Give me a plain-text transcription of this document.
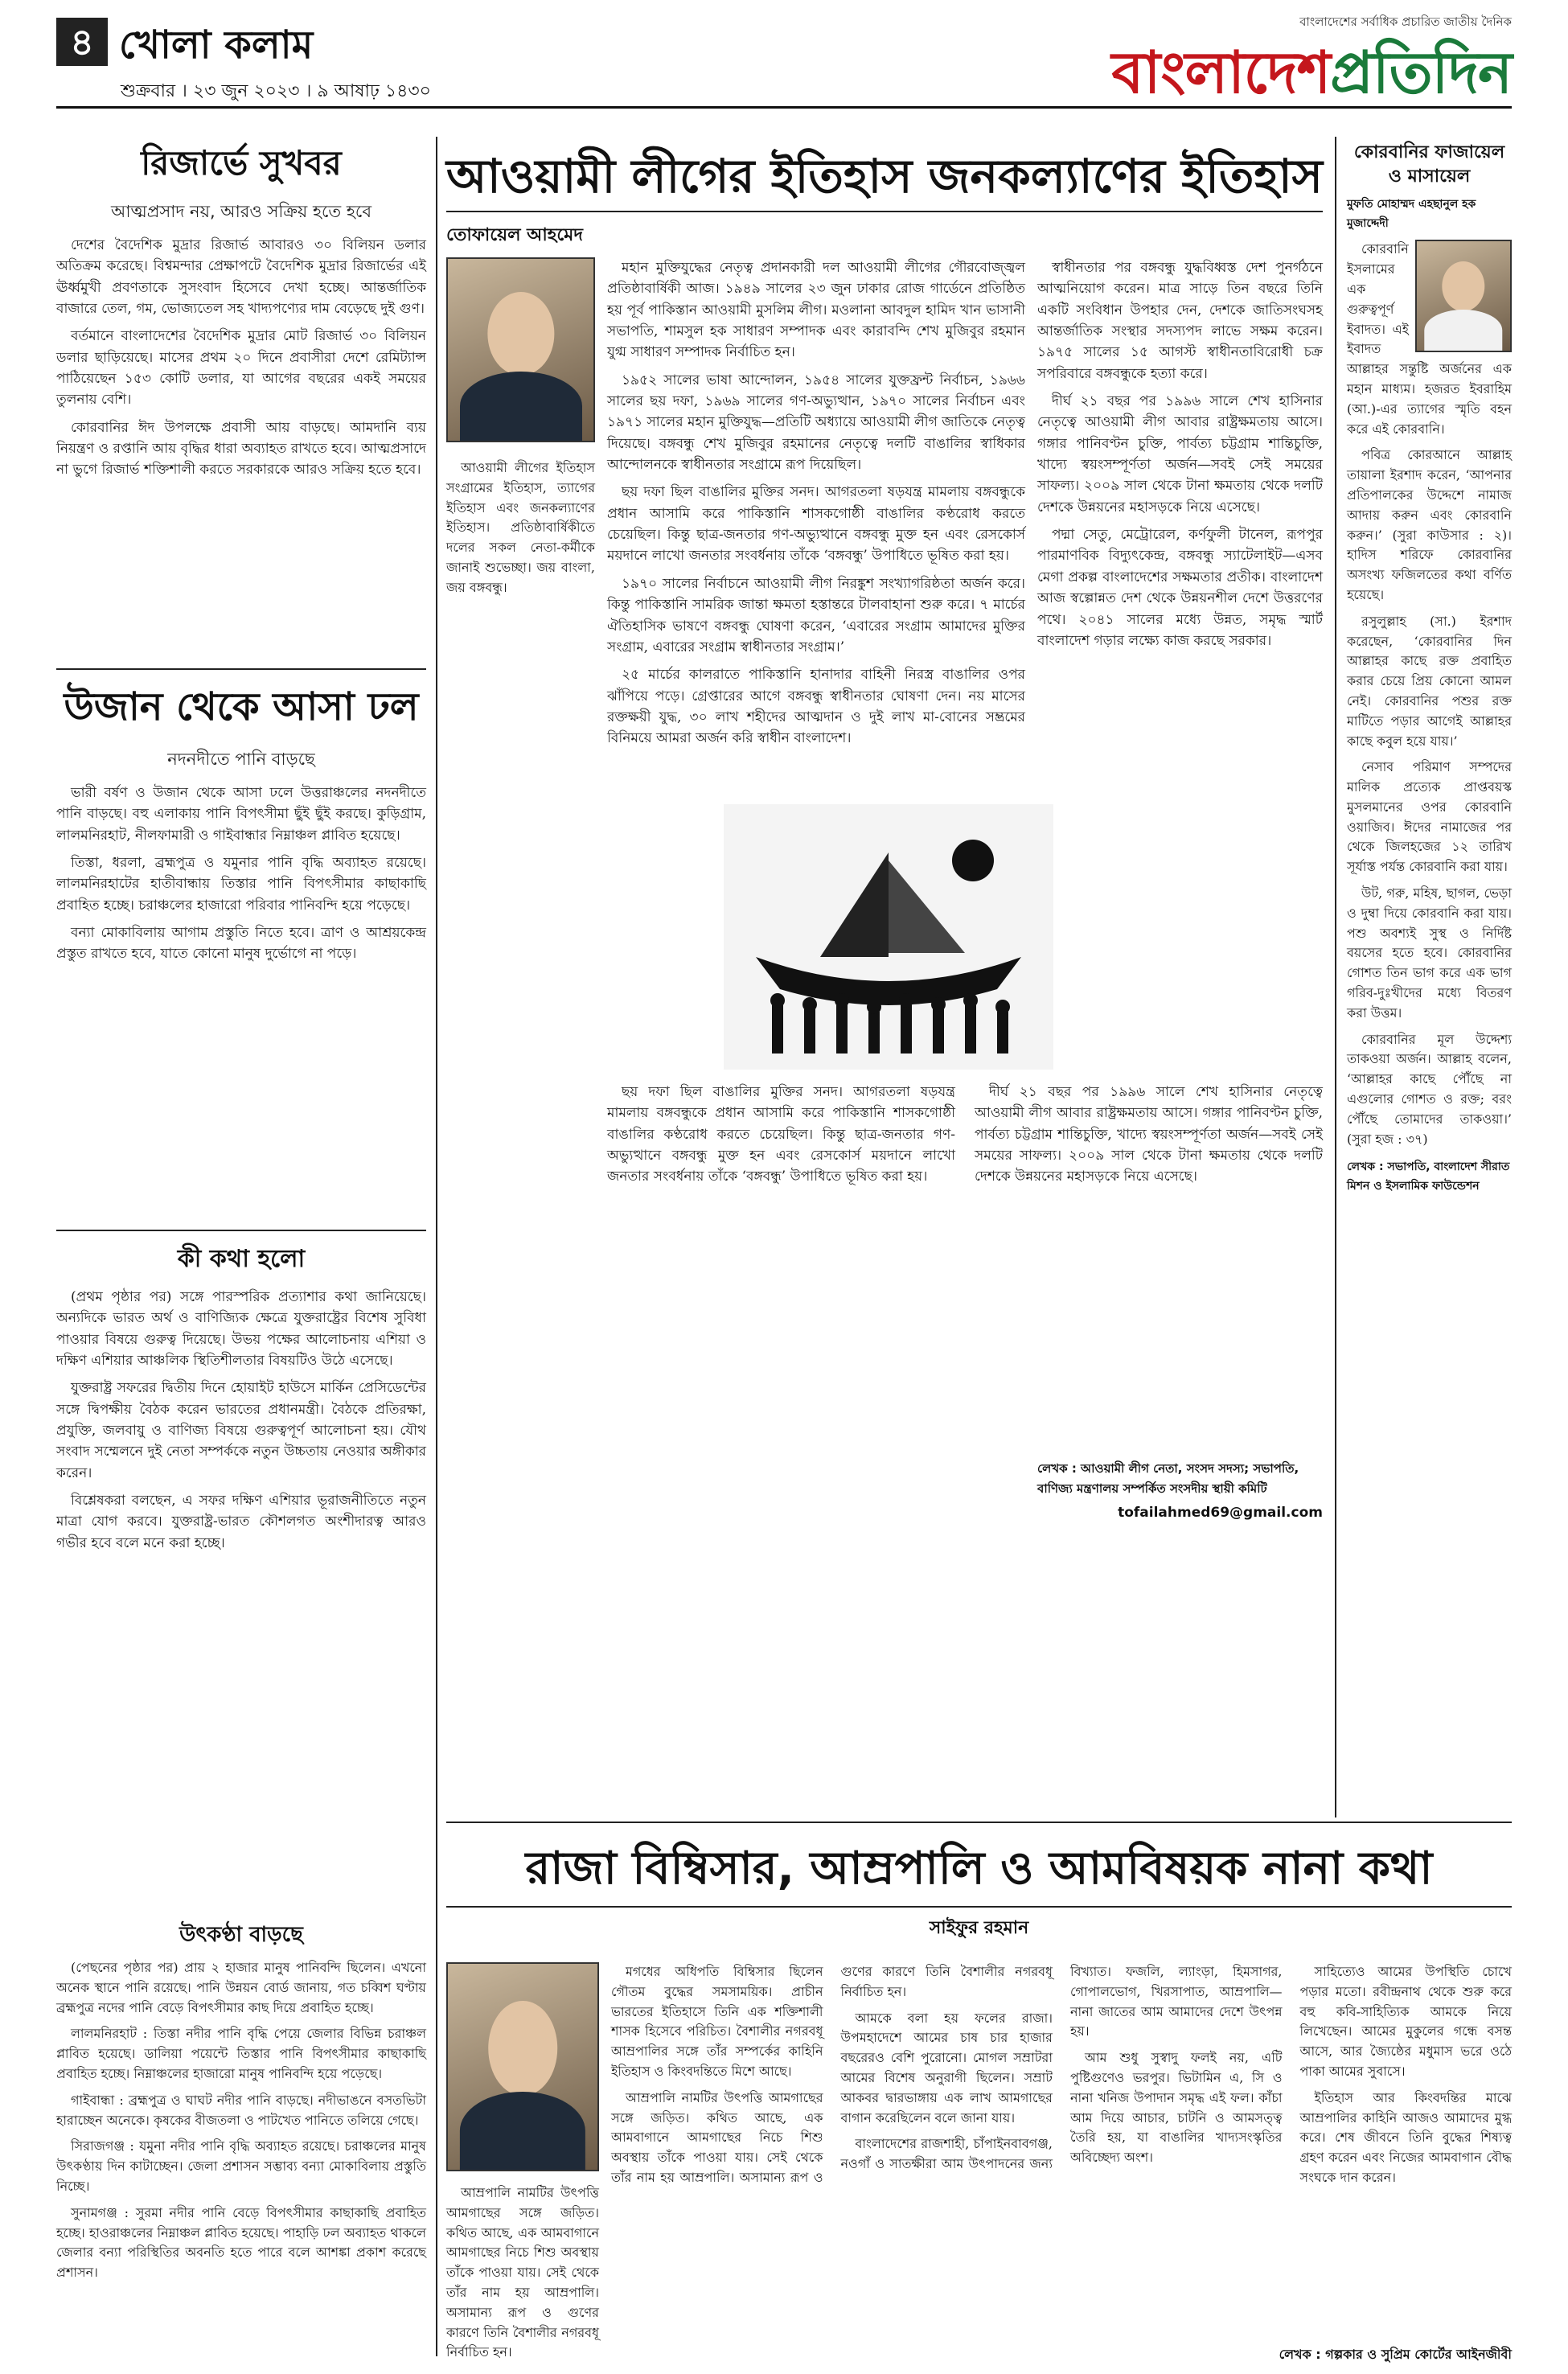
৪ খোলা কলাম
শুক্রবার । ২৩ জুন ২০২৩ । ৯ আষাঢ় ১৪৩০
বাংলাদেশের সর্বাধিক প্রচারিত জাতীয় দৈনিক
বাংলাদেশপ্রতিদিন
রিজার্ভে সুখবর
আত্মপ্রসাদ নয়, আরও সক্রিয় হতে হবে

দেশের বৈদেশিক মুদ্রার রিজার্ভ আবারও ৩০ বিলিয়ন ডলার অতিক্রম করেছে। বিশ্বমন্দার প্রেক্ষাপটে বৈদেশিক মুদ্রার রিজার্ভের এই ঊর্ধ্বমুখী প্রবণতাকে সুসংবাদ হিসেবে দেখা হচ্ছে। আন্তর্জাতিক বাজারে তেল, গম, ভোজ্যতেল সহ খাদ্যপণ্যের দাম বেড়েছে দুই গুণ।

বর্তমানে বাংলাদেশের বৈদেশিক মুদ্রার মোট রিজার্ভ ৩০ বিলিয়ন ডলার ছাড়িয়েছে। মাসের প্রথম ২০ দিনে প্রবাসীরা দেশে রেমিট্যান্স পাঠিয়েছেন ১৫৩ কোটি ডলার, যা আগের বছরের একই সময়ের তুলনায় বেশি।

কোরবানির ঈদ উপলক্ষে প্রবাসী আয় বাড়ছে। আমদানি ব্যয় নিয়ন্ত্রণ ও রপ্তানি আয় বৃদ্ধির ধারা অব্যাহত রাখতে হবে। আত্মপ্রসাদে না ভুগে রিজার্ভ শক্তিশালী করতে সরকারকে আরও সক্রিয় হতে হবে।

উজান থেকে আসা ঢল
নদনদীতে পানি বাড়ছে

ভারী বর্ষণ ও উজান থেকে আসা ঢলে উত্তরাঞ্চলের নদনদীতে পানি বাড়ছে। বহু এলাকায় পানি বিপৎসীমা ছুঁই ছুঁই করছে। কুড়িগ্রাম, লালমনিরহাট, নীলফামারী ও গাইবান্ধার নিম্নাঞ্চল প্লাবিত হয়েছে।

তিস্তা, ধরলা, ব্রহ্মপুত্র ও যমুনার পানি বৃদ্ধি অব্যাহত রয়েছে। লালমনিরহাটের হাতীবান্ধায় তিস্তার পানি বিপৎসীমার কাছাকাছি প্রবাহিত হচ্ছে। চরাঞ্চলের হাজারো পরিবার পানিবন্দি হয়ে পড়েছে।

বন্যা মোকাবিলায় আগাম প্রস্তুতি নিতে হবে। ত্রাণ ও আশ্রয়কেন্দ্র প্রস্তুত রাখতে হবে, যাতে কোনো মানুষ দুর্ভোগে না পড়ে।

কী কথা হলো

(প্রথম পৃষ্ঠার পর) সঙ্গে পারস্পরিক প্রত্যাশার কথা জানিয়েছে। অন্যদিকে ভারত অর্থ ও বাণিজ্যিক ক্ষেত্রে যুক্তরাষ্ট্রের বিশেষ সুবিধা পাওয়ার বিষয়ে গুরুত্ব দিয়েছে। উভয় পক্ষের আলোচনায় এশিয়া ও দক্ষিণ এশিয়ার আঞ্চলিক স্থিতিশীলতার বিষয়টিও উঠে এসেছে।

যুক্তরাষ্ট্র সফরের দ্বিতীয় দিনে হোয়াইট হাউসে মার্কিন প্রেসিডেন্টের সঙ্গে দ্বিপক্ষীয় বৈঠক করেন ভারতের প্রধানমন্ত্রী। বৈঠকে প্রতিরক্ষা, প্রযুক্তি, জলবায়ু ও বাণিজ্য বিষয়ে গুরুত্বপূর্ণ আলোচনা হয়। যৌথ সংবাদ সম্মেলনে দুই নেতা সম্পর্ককে নতুন উচ্চতায় নেওয়ার অঙ্গীকার করেন।

বিশ্লেষকরা বলছেন, এ সফর দক্ষিণ এশিয়ার ভূরাজনীতিতে নতুন মাত্রা যোগ করবে। যুক্তরাষ্ট্র-ভারত কৌশলগত অংশীদারত্ব আরও গভীর হবে বলে মনে করা হচ্ছে।

উৎকণ্ঠা বাড়ছে

(পেছনের পৃষ্ঠার পর) প্রায় ২ হাজার মানুষ পানিবন্দি ছিলেন। এখনো অনেক স্থানে পানি রয়েছে। পানি উন্নয়ন বোর্ড জানায়, গত চব্বিশ ঘণ্টায় ব্রহ্মপুত্র নদের পানি বেড়ে বিপৎসীমার কাছ দিয়ে প্রবাহিত হচ্ছে।

লালমনিরহাট : তিস্তা নদীর পানি বৃদ্ধি পেয়ে জেলার বিভিন্ন চরাঞ্চল প্লাবিত হয়েছে। ডালিয়া পয়েন্টে তিস্তার পানি বিপৎসীমার কাছাকাছি প্রবাহিত হচ্ছে। নিম্নাঞ্চলের হাজারো মানুষ পানিবন্দি হয়ে পড়েছে।

গাইবান্ধা : ব্রহ্মপুত্র ও ঘাঘট নদীর পানি বাড়ছে। নদীভাঙনে বসতভিটা হারাচ্ছেন অনেকে। কৃষকের বীজতলা ও পাটখেত পানিতে তলিয়ে গেছে।

সিরাজগঞ্জ : যমুনা নদীর পানি বৃদ্ধি অব্যাহত রয়েছে। চরাঞ্চলের মানুষ উৎকণ্ঠায় দিন কাটাচ্ছেন। জেলা প্রশাসন সম্ভাব্য বন্যা মোকাবিলায় প্রস্তুতি নিচ্ছে।

সুনামগঞ্জ : সুরমা নদীর পানি বেড়ে বিপৎসীমার কাছাকাছি প্রবাহিত হচ্ছে। হাওরাঞ্চলের নিম্নাঞ্চল প্লাবিত হয়েছে। পাহাড়ি ঢল অব্যাহত থাকলে জেলার বন্যা পরিস্থিতির অবনতি হতে পারে বলে আশঙ্কা প্রকাশ করেছে প্রশাসন।

আওয়ামী লীগের ইতিহাস জনকল্যাণের ইতিহাস
তোফায়েল আহমেদ

মহান মুক্তিযুদ্ধের নেতৃত্ব প্রদানকারী দল আওয়ামী লীগের গৌরবোজ্জ্বল প্রতিষ্ঠাবার্ষিকী আজ। ১৯৪৯ সালের ২৩ জুন ঢাকার রোজ গার্ডেনে প্রতিষ্ঠিত হয় পূর্ব পাকিস্তান আওয়ামী মুসলিম লীগ। মওলানা আবদুল হামিদ খান ভাসানী সভাপতি, শামসুল হক সাধারণ সম্পাদক এবং কারাবন্দি শেখ মুজিবুর রহমান যুগ্ম সাধারণ সম্পাদক নির্বাচিত হন।

১৯৫২ সালের ভাষা আন্দোলন, ১৯৫৪ সালের যুক্তফ্রন্ট নির্বাচন, ১৯৬৬ সালের ছয় দফা, ১৯৬৯ সালের গণ-অভ্যুত্থান, ১৯৭০ সালের নির্বাচন এবং ১৯৭১ সালের মহান মুক্তিযুদ্ধ—প্রতিটি অধ্যায়ে আওয়ামী লীগ জাতিকে নেতৃত্ব দিয়েছে। বঙ্গবন্ধু শেখ মুজিবুর রহমানের নেতৃত্বে দলটি বাঙালির স্বাধিকার আন্দোলনকে স্বাধীনতার সংগ্রামে রূপ দিয়েছিল।

ছয় দফা ছিল বাঙালির মুক্তির সনদ। আগরতলা ষড়যন্ত্র মামলায় বঙ্গবন্ধুকে প্রধান আসামি করে পাকিস্তানি শাসকগোষ্ঠী বাঙালির কণ্ঠরোধ করতে চেয়েছিল। কিন্তু ছাত্র-জনতার গণ-অভ্যুত্থানে বঙ্গবন্ধু মুক্ত হন এবং রেসকোর্স ময়দানে লাখো জনতার সংবর্ধনায় তাঁকে ‘বঙ্গবন্ধু’ উপাধিতে ভূষিত করা হয়।

১৯৭০ সালের নির্বাচনে আওয়ামী লীগ নিরঙ্কুশ সংখ্যাগরিষ্ঠতা অর্জন করে। কিন্তু পাকিস্তানি সামরিক জান্তা ক্ষমতা হস্তান্তরে টালবাহানা শুরু করে। ৭ মার্চের ঐতিহাসিক ভাষণে বঙ্গবন্ধু ঘোষণা করেন, ‘এবারের সংগ্রাম আমাদের মুক্তির সংগ্রাম, এবারের সংগ্রাম স্বাধীনতার সংগ্রাম।’

২৫ মার্চের কালরাতে পাকিস্তানি হানাদার বাহিনী নিরস্ত্র বাঙালির ওপর ঝাঁপিয়ে পড়ে। গ্রেপ্তারের আগে বঙ্গবন্ধু স্বাধীনতার ঘোষণা দেন। নয় মাসের রক্তক্ষয়ী যুদ্ধ, ৩০ লাখ শহীদের আত্মদান ও দুই লাখ মা-বোনের সম্ভ্রমের বিনিময়ে আমরা অর্জন করি স্বাধীন বাংলাদেশ।

আওয়ামী লীগের ইতিহাস সংগ্রামের ইতিহাস, ত্যাগের ইতিহাস এবং জনকল্যাণের ইতিহাস। প্রতিষ্ঠাবার্ষিকীতে দলের সকল নেতা-কর্মীকে জানাই শুভেচ্ছা। জয় বাংলা, জয় বঙ্গবন্ধু।

স্বাধীনতার পর বঙ্গবন্ধু যুদ্ধবিধ্বস্ত দেশ পুনর্গঠনে আত্মনিয়োগ করেন। মাত্র সাড়ে তিন বছরে তিনি একটি সংবিধান উপহার দেন, দেশকে জাতিসংঘসহ আন্তর্জাতিক সংস্থার সদস্যপদ লাভে সক্ষম করেন। ১৯৭৫ সালের ১৫ আগস্ট স্বাধীনতাবিরোধী চক্র সপরিবারে বঙ্গবন্ধুকে হত্যা করে।

দীর্ঘ ২১ বছর পর ১৯৯৬ সালে শেখ হাসিনার নেতৃত্বে আওয়ামী লীগ আবার রাষ্ট্রক্ষমতায় আসে। গঙ্গার পানিবণ্টন চুক্তি, পার্বত্য চট্টগ্রাম শান্তিচুক্তি, খাদ্যে স্বয়ংসম্পূর্ণতা অর্জন—সবই সেই সময়ের সাফল্য। ২০০৯ সাল থেকে টানা ক্ষমতায় থেকে দলটি দেশকে উন্নয়নের মহাসড়কে নিয়ে এসেছে।

পদ্মা সেতু, মেট্রোরেল, কর্ণফুলী টানেল, রূপপুর পারমাণবিক বিদ্যুৎকেন্দ্র, বঙ্গবন্ধু স্যাটেলাইট—এসব মেগা প্রকল্প বাংলাদেশের সক্ষমতার প্রতীক। বাংলাদেশ আজ স্বল্পোন্নত দেশ থেকে উন্নয়নশীল দেশে উত্তরণের পথে। ২০৪১ সালের মধ্যে উন্নত, সমৃদ্ধ স্মার্ট বাংলাদেশ গড়ার লক্ষ্যে কাজ করছে সরকার।

ছয় দফা ছিল বাঙালির মুক্তির সনদ। আগরতলা ষড়যন্ত্র মামলায় বঙ্গবন্ধুকে প্রধান আসামি করে পাকিস্তানি শাসকগোষ্ঠী বাঙালির কণ্ঠরোধ করতে চেয়েছিল। কিন্তু ছাত্র-জনতার গণ-অভ্যুত্থানে বঙ্গবন্ধু মুক্ত হন এবং রেসকোর্স ময়দানে লাখো জনতার সংবর্ধনায় তাঁকে ‘বঙ্গবন্ধু’ উপাধিতে ভূষিত করা হয়।

দীর্ঘ ২১ বছর পর ১৯৯৬ সালে শেখ হাসিনার নেতৃত্বে আওয়ামী লীগ আবার রাষ্ট্রক্ষমতায় আসে। গঙ্গার পানিবণ্টন চুক্তি, পার্বত্য চট্টগ্রাম শান্তিচুক্তি, খাদ্যে স্বয়ংসম্পূর্ণতা অর্জন—সবই সেই সময়ের সাফল্য। ২০০৯ সাল থেকে টানা ক্ষমতায় থেকে দলটি দেশকে উন্নয়নের মহাসড়কে নিয়ে এসেছে।

লেখক : আওয়ামী লীগ নেতা, সংসদ সদস্য; সভাপতি, বাণিজ্য মন্ত্রণালয় সম্পর্কিত সংসদীয় স্থায়ী কমিটি
tofailahmed69@gmail.com
কোরবানির ফাজায়েল ও মাসায়েল
মুফতি মোহাম্মদ এহছানুল হক মুজাদ্দেদী

কোরবানি ইসলামের এক গুরুত্বপূর্ণ ইবাদত। এই ইবাদত আল্লাহর সন্তুষ্টি অর্জনের এক মহান মাধ্যম। হজরত ইবরাহিম (আ.)-এর ত্যাগের স্মৃতি বহন করে এই কোরবানি।

পবিত্র কোরআনে আল্লাহ তায়ালা ইরশাদ করেন, ‘আপনার প্রতিপালকের উদ্দেশে নামাজ আদায় করুন এবং কোরবানি করুন।’ (সুরা কাউসার : ২)। হাদিস শরিফে কোরবানির অসংখ্য ফজিলতের কথা বর্ণিত হয়েছে।

রসুলুল্লাহ (সা.) ইরশাদ করেছেন, ‘কোরবানির দিন আল্লাহর কাছে রক্ত প্রবাহিত করার চেয়ে প্রিয় কোনো আমল নেই। কোরবানির পশুর রক্ত মাটিতে পড়ার আগেই আল্লাহর কাছে কবুল হয়ে যায়।’

নেসাব পরিমাণ সম্পদের মালিক প্রত্যেক প্রাপ্তবয়স্ক মুসলমানের ওপর কোরবানি ওয়াজিব। ঈদের নামাজের পর থেকে জিলহজের ১২ তারিখ সূর্যাস্ত পর্যন্ত কোরবানি করা যায়।

উট, গরু, মহিষ, ছাগল, ভেড়া ও দুম্বা দিয়ে কোরবানি করা যায়। পশু অবশ্যই সুস্থ ও নির্দিষ্ট বয়সের হতে হবে। কোরবানির গোশত তিন ভাগ করে এক ভাগ গরিব-দুঃখীদের মধ্যে বিতরণ করা উত্তম।

কোরবানির মূল উদ্দেশ্য তাকওয়া অর্জন। আল্লাহ বলেন, ‘আল্লাহর কাছে পৌঁছে না এগুলোর গোশত ও রক্ত; বরং পৌঁছে তোমাদের তাকওয়া।’ (সুরা হজ : ৩৭)

লেখক : সভাপতি, বাংলাদেশ সীরাত মিশন ও ইসলামিক ফাউন্ডেশন
রাজা বিম্বিসার, আম্রপালি ও আমবিষয়ক নানা কথা
সাইফুর রহমান

মগধের অধিপতি বিম্বিসার ছিলেন গৌতম বুদ্ধের সমসাময়িক। প্রাচীন ভারতের ইতিহাসে তিনি এক শক্তিশালী শাসক হিসেবে পরিচিত। বৈশালীর নগরবধূ আম্রপালির সঙ্গে তাঁর সম্পর্কের কাহিনি ইতিহাস ও কিংবদন্তিতে মিশে আছে।

আম্রপালি নামটির উৎপত্তি আমগাছের সঙ্গে জড়িত। কথিত আছে, এক আমবাগানে আমগাছের নিচে শিশু অবস্থায় তাঁকে পাওয়া যায়। সেই থেকে তাঁর নাম হয় আম্রপালি। অসামান্য রূপ ও গুণের কারণে তিনি বৈশালীর নগরবধূ নির্বাচিত হন।

আমকে বলা হয় ফলের রাজা। উপমহাদেশে আমের চাষ চার হাজার বছরেরও বেশি পুরোনো। মোগল সম্রাটরা আমের বিশেষ অনুরাগী ছিলেন। সম্রাট আকবর দ্বারভাঙ্গায় এক লাখ আমগাছের বাগান করেছিলেন বলে জানা যায়।

বাংলাদেশের রাজশাহী, চাঁপাইনবাবগঞ্জ, নওগাঁ ও সাতক্ষীরা আম উৎপাদনের জন্য বিখ্যাত। ফজলি, ল্যাংড়া, হিমসাগর, গোপালভোগ, খিরসাপাত, আম্রপালি—নানা জাতের আম আমাদের দেশে উৎপন্ন হয়।

আম শুধু সুস্বাদু ফলই নয়, এটি পুষ্টিগুণেও ভরপুর। ভিটামিন এ, সি ও নানা খনিজ উপাদান সমৃদ্ধ এই ফল। কাঁচা আম দিয়ে আচার, চাটনি ও আমসত্ত্ব তৈরি হয়, যা বাঙালির খাদ্যসংস্কৃতির অবিচ্ছেদ্য অংশ।

সাহিত্যেও আমের উপস্থিতি চোখে পড়ার মতো। রবীন্দ্রনাথ থেকে শুরু করে বহু কবি-সাহিত্যিক আমকে নিয়ে লিখেছেন। আমের মুকুলের গন্ধে বসন্ত আসে, আর জ্যৈষ্ঠের মধুমাস ভরে ওঠে পাকা আমের সুবাসে।

ইতিহাস আর কিংবদন্তির মাঝে আম্রপালির কাহিনি আজও আমাদের মুগ্ধ করে। শেষ জীবনে তিনি বুদ্ধের শিষ্যত্ব গ্রহণ করেন এবং নিজের আমবাগান বৌদ্ধ সংঘকে দান করেন।

আম্রপালি নামটির উৎপত্তি আমগাছের সঙ্গে জড়িত। কথিত আছে, এক আমবাগানে আমগাছের নিচে শিশু অবস্থায় তাঁকে পাওয়া যায়। সেই থেকে তাঁর নাম হয় আম্রপালি। অসামান্য রূপ ও গুণের কারণে তিনি বৈশালীর নগরবধূ নির্বাচিত হন।	লেখক : গল্পকার ও সুপ্রিম কোর্টের আইনজীবী
